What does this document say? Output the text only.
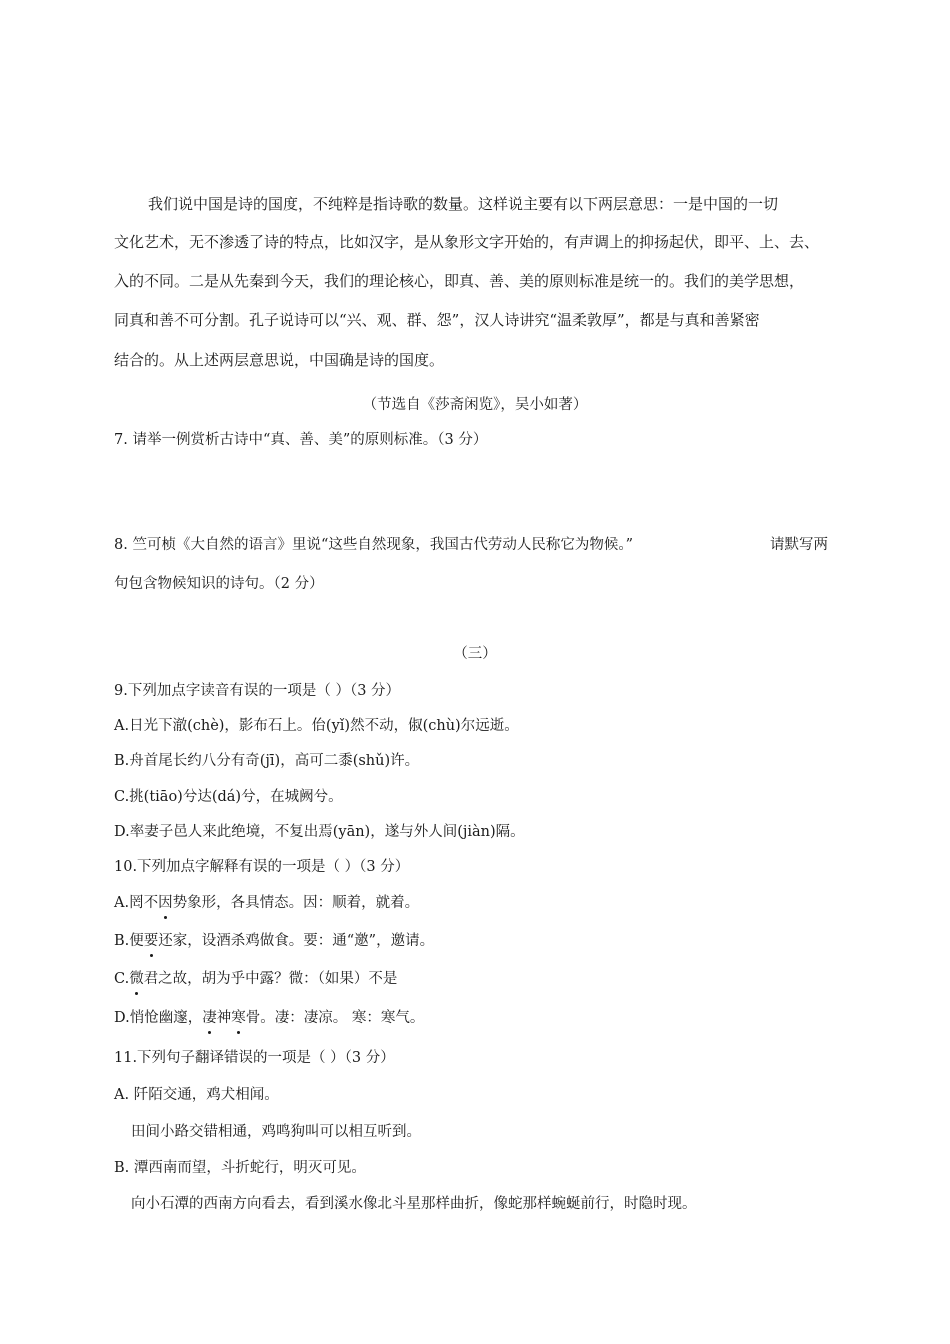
我们说中国是诗的国度，不纯粹是指诗歌的数量。这样说主要有以下两层意思：一是中国的一切
文化艺术，无不渗透了诗的特点，比如汉字，是从象形文字开始的，有声调上的抑扬起伏，即平、上、去、
入的不同。二是从先秦到今天，我们的理论核心，即真、善、美的原则标准是统一的。我们的美学思想，
同真和善不可分割。孔子说诗可以“兴、观、群、怨”，汉人诗讲究“温柔敦厚”，都是与真和善紧密
结合的。从上述两层意思说，中国确是诗的国度。
（节选自《莎斋闲览》，吴小如著）
7. 请举一例赏析古诗中“真、善、美”的原则标准。（3 分）
8. 竺可桢《大自然的语言》里说“这些自然现象，我国古代劳动人民称它为物候。”	请默写两
句包含物候知识的诗句。（2 分）
（三）
9.下列加点字读音有误的一项是（ ）（3 分）
A.日光下澈(chè)，影布石上。佁(yǐ)然不动，俶(chù)尔远逝。
B.舟首尾长约八分有奇(jī)，高可二黍(shǔ)许。
C.挑(tiāo)兮达(dá)兮，在城阙兮。
D.率妻子邑人来此绝境，不复出焉(yān)，遂与外人间(jiàn)隔。
10.下列加点字解释有误的一项是（ ）（3 分）
A.罔不因势象形，各具情态。因：顺着，就着。
B.便要还家，设酒杀鸡做食。要：通“邀”，邀请。
C.微君之故，胡为乎中露？微：（如果）不是
D.悄怆幽邃，凄神寒骨。凄：凄凉。 寒：寒气。
11.下列句子翻译错误的一项是（ ）（3 分）
A. 阡陌交通，鸡犬相闻。
田间小路交错相通，鸡鸣狗叫可以相互听到。
B. 潭西南而望，斗折蛇行，明灭可见。
向小石潭的西南方向看去，看到溪水像北斗星那样曲折，像蛇那样蜿蜒前行，时隐时现。
